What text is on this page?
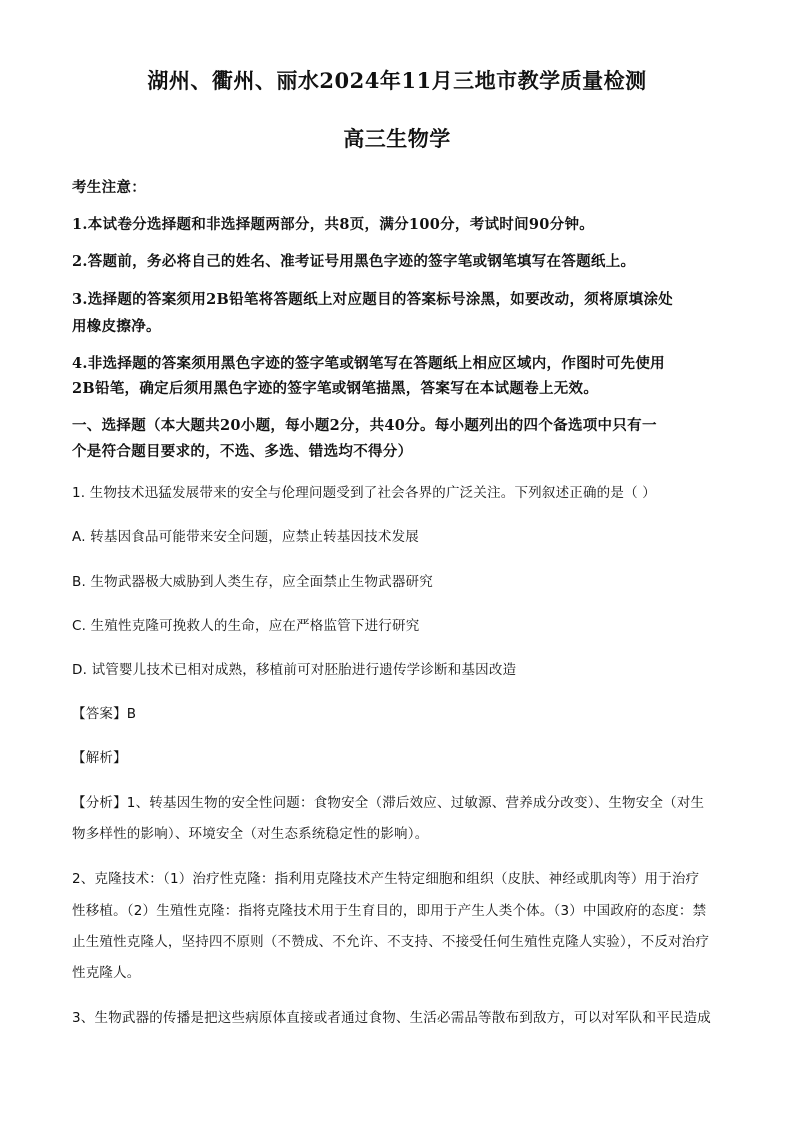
湖州、衢州、丽水2024年11月三地市教学质量检测
高三生物学
考生注意：
1.本试卷分选择题和非选择题两部分，共8页，满分100分，考试时间90分钟。
2.答题前，务必将自己的姓名、准考证号用黑色字迹的签字笔或钢笔填写在答题纸上。
3.选择题的答案须用2B铅笔将答题纸上对应题目的答案标号涂黑，如要改动，须将原填涂处
用橡皮擦净。
4.非选择题的答案须用黑色字迹的签字笔或钢笔写在答题纸上相应区域内，作图时可先使用
2B铅笔，确定后须用黑色字迹的签字笔或钢笔描黑，答案写在本试题卷上无效。
一、选择题（本大题共20小题，每小题2分，共40分。每小题列出的四个备选项中只有一
个是符合题目要求的，不选、多选、错选均不得分）
1. 生物技术迅猛发展带来的安全与伦理问题受到了社会各界的广泛关注。下列叙述正确的是（ ）
A. 转基因食品可能带来安全问题，应禁止转基因技术发展
B. 生物武器极大威胁到人类生存，应全面禁止生物武器研究
C. 生殖性克隆可挽救人的生命，应在严格监管下进行研究
D. 试管婴儿技术已相对成熟，移植前可对胚胎进行遗传学诊断和基因改造
【答案】B
【解析】
【分析】1、转基因生物的安全性问题：食物安全（滞后效应、过敏源、营养成分改变）、生物安全（对生
物多样性的影响）、环境安全（对生态系统稳定性的影响）。
2、克隆技术：（1）治疗性克隆：指利用克隆技术产生特定细胞和组织（皮肤、神经或肌肉等）用于治疗
性移植。（2）生殖性克隆：指将克隆技术用于生育目的，即用于产生人类个体。（3）中国政府的态度：禁
止生殖性克隆人，坚持四不原则（不赞成、不允许、不支持、不接受任何生殖性克隆人实验），不反对治疗
性克隆人。
3、生物武器的传播是把这些病原体直接或者通过食物、生活必需品等散布到敌方，可以对军队和平民造成
